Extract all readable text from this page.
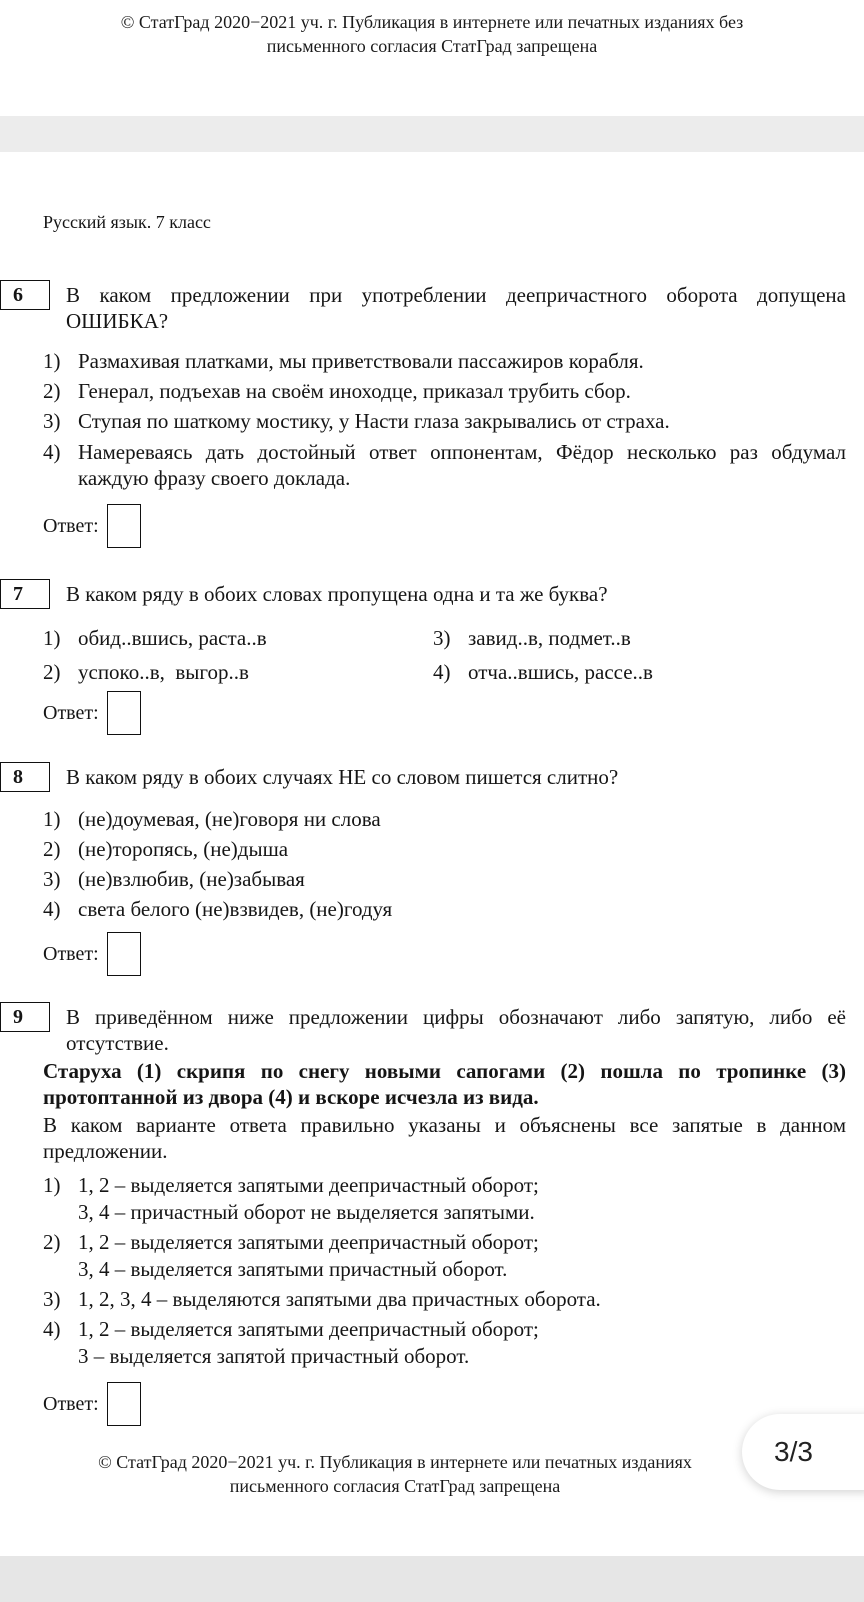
© СтатГрад 2020−2021 уч. г. Публикация в интернете или печатных изданиях без
письменного согласия СтатГрад запрещена
Русский язык. 7 класс
6	В каком предложении при употреблении деепричастного оборота допущена ОШИБКА?
1) Размахивая платками, мы приветствовали пассажиров корабля.
2) Генерал, подъехав на своём иноходце, приказал трубить сбор.
3) Ступая по шаткому мостику, у Насти глаза закрывались от страха.
4) Намереваясь дать достойный ответ оппонентам, Фёдор несколько раз обдумал каждую фразу своего доклада.
Ответ:
7	В каком ряду в обоих словах пропущена одна и та же буква?
1) обид..вшись, раста..в
2) успоко..в,  выгор..в
3) завид..в, подмет..в
4) отча..вшись, рассе..в
Ответ:
8	В каком ряду в обоих случаях НЕ со словом пишется слитно?
1) (не)доумевая, (не)говоря ни слова
2) (не)торопясь, (не)дыша
3) (не)взлюбив, (не)забывая
4) света белого (не)взвидев, (не)годуя
Ответ:
9	В приведённом ниже предложении цифры обозначают либо запятую, либо её отсутствие.
Старуха (1) скрипя по снегу новыми сапогами (2) пошла по тропинке (3) протоптанной из двора (4) и вскоре исчезла из вида.
В каком варианте ответа правильно указаны и объяснены все запятые в данном предложении.
1) 1, 2 – выделяется запятыми деепричастный оборот;
3, 4 – причастный оборот не выделяется запятыми.
2) 1, 2 – выделяется запятыми деепричастный оборот;
3, 4 – выделяется запятыми причастный оборот.
3) 1, 2, 3, 4 – выделяются запятыми два причастных оборота.
4) 1, 2 – выделяется запятыми деепричастный оборот;
3 – выделяется запятой причастный оборот.
Ответ:
© СтатГрад 2020−2021 уч. г. Публикация в интернете или печатных изданиях
письменного согласия СтатГрад запрещена
3/3
